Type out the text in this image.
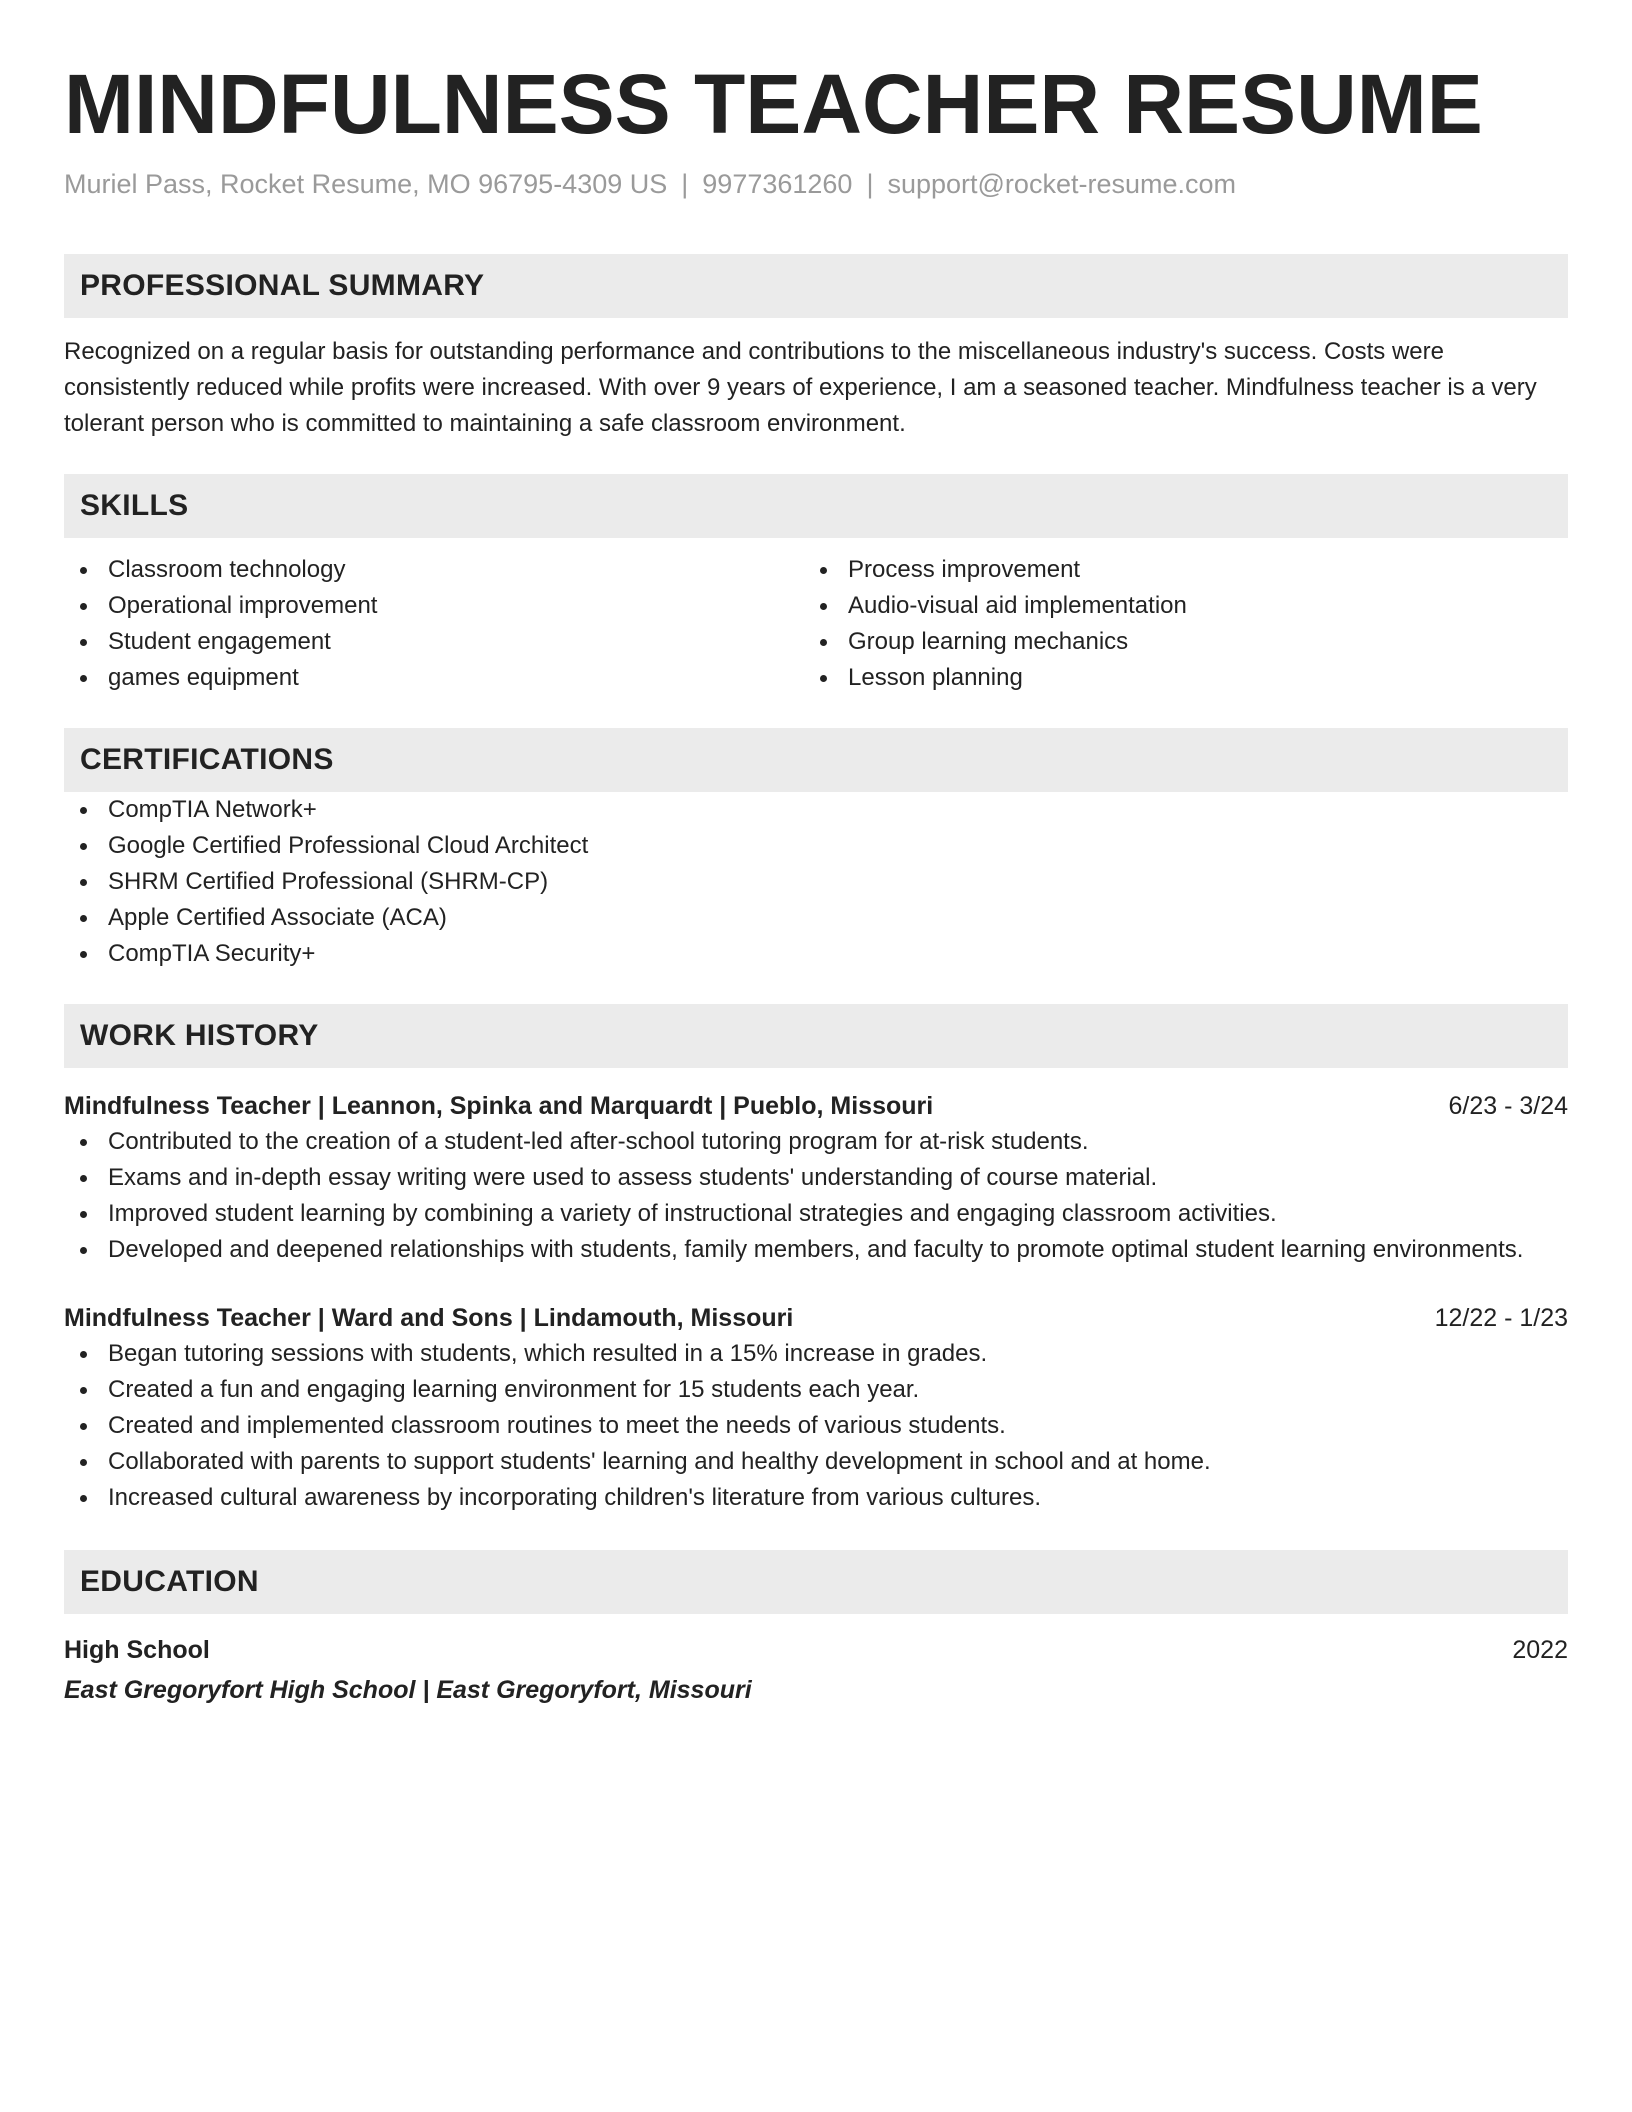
MINDFULNESS TEACHER RESUME
Muriel Pass, Rocket Resume, MO 96795-4309 US | 9977361260 | support@rocket-resume.com
PROFESSIONAL SUMMARY

Recognized on a regular basis for outstanding performance and contributions to the miscellaneous industry's success. Costs were consistently reduced while profits were increased. With over 9 years of experience, I am a seasoned teacher. Mindfulness teacher is a very tolerant person who is committed to maintaining a safe classroom environment.

SKILLS
Classroom technology
Operational improvement
Student engagement
games equipment
Process improvement
Audio-visual aid implementation
Group learning mechanics
Lesson planning
CERTIFICATIONS
CompTIA Network+
Google Certified Professional Cloud Architect
SHRM Certified Professional (SHRM-CP)
Apple Certified Associate (ACA)
CompTIA Security+
WORK HISTORY
Mindfulness Teacher | Leannon, Spinka and Marquardt | Pueblo, Missouri	6/23 - 3/24
Contributed to the creation of a student-led after-school tutoring program for at-risk students.
Exams and in-depth essay writing were used to assess students' understanding of course material.
Improved student learning by combining a variety of instructional strategies and engaging classroom activities.
Developed and deepened relationships with students, family members, and faculty to promote optimal student learning environments.
Mindfulness Teacher | Ward and Sons | Lindamouth, Missouri	12/22 - 1/23
Began tutoring sessions with students, which resulted in a 15% increase in grades.
Created a fun and engaging learning environment for 15 students each year.
Created and implemented classroom routines to meet the needs of various students.
Collaborated with parents to support students' learning and healthy development in school and at home.
Increased cultural awareness by incorporating children's literature from various cultures.
EDUCATION
High School	2022
East Gregoryfort High School | East Gregoryfort, Missouri
